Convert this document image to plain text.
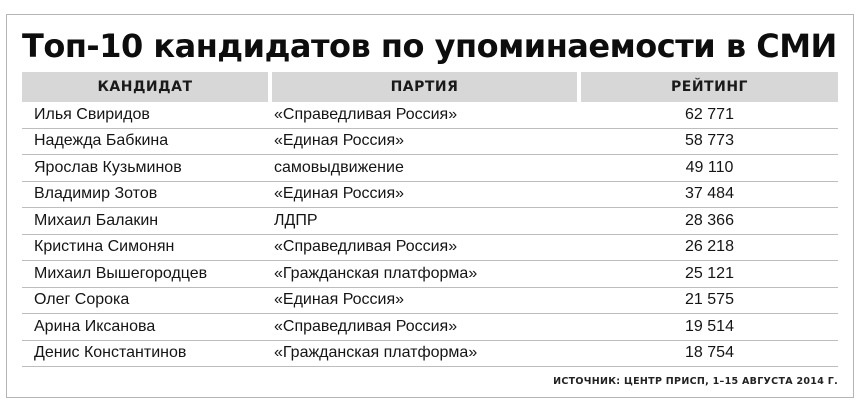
Топ-10 кандидатов по упоминаемости в СМИ
КАНДИДАТ	ПАРТИЯ	РЕЙТИНГ
Илья Свиридов	«Справедливая Россия»	62 771
Надежда Бабкина	«Единая Россия»	58 773
Ярослав Кузьминов	самовыдвижение	49 110
Владимир Зотов	«Единая Россия»	37 484
Михаил Балакин	ЛДПР	28 366
Кристина Симонян	«Справедливая Россия»	26 218
Михаил Вышегородцев	«Гражданская платформа»	25 121
Олег Сорока	«Единая Россия»	21 575
Арина Иксанова	«Справедливая Россия»	19 514
Денис Константинов	«Гражданская платформа»	18 754
ИСТОЧНИК: ЦЕНТР ПРИСП, 1–15 АВГУСТА 2014 Г.
